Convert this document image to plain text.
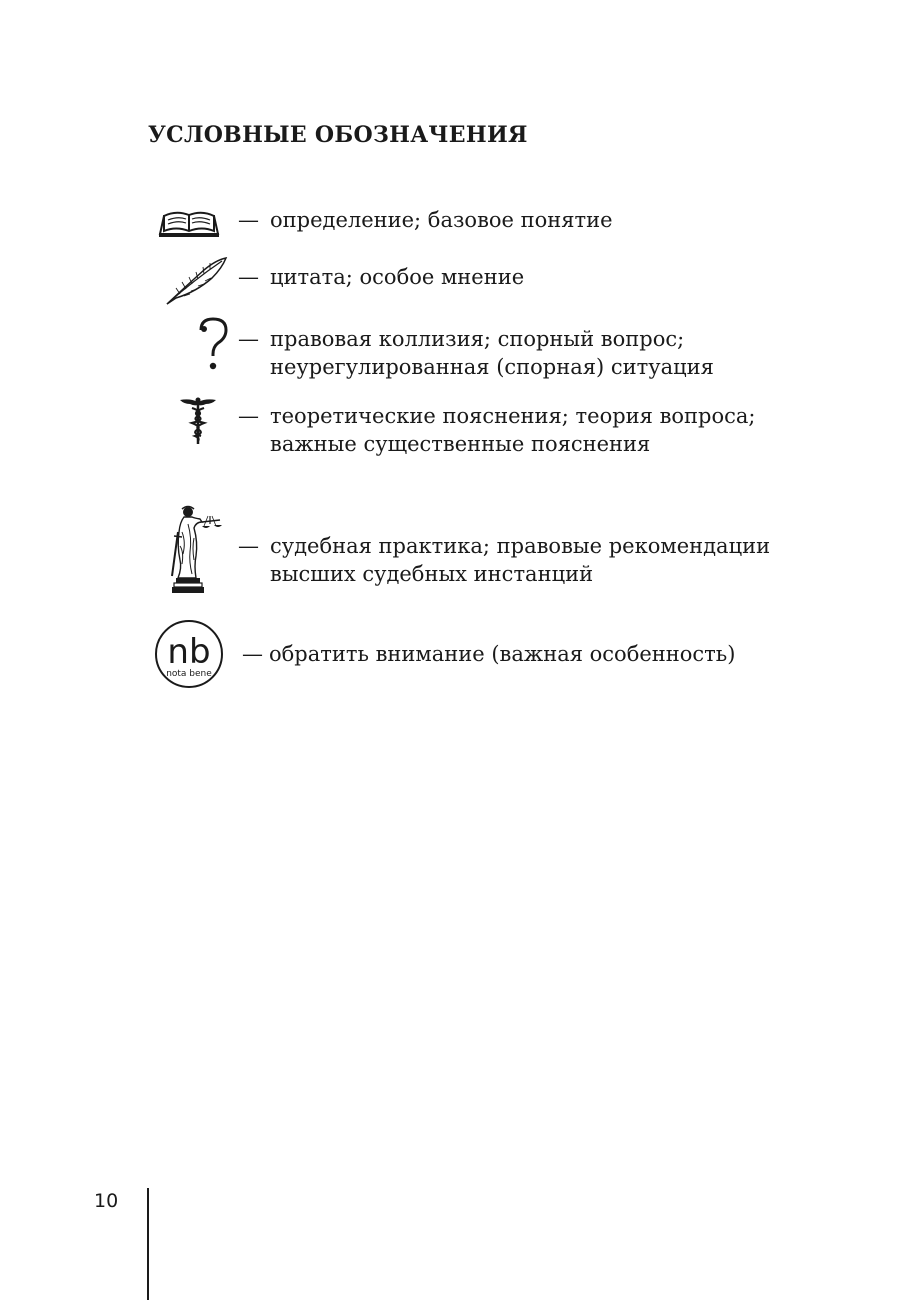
УСЛОВНЫЕ ОБОЗНАЧЕНИЯ
— определение; базовое понятие
— цитата; особое мнение
— правовая коллизия; спорный вопрос;
неурегулированная (спорная) ситуация
— теоретические пояснения; теория вопроса;
важные существенные пояснения
— судебная практика; правовые рекомендации
высших судебных инстанций
nb
nota bene
— обратить внимание (важная особенность)
10
